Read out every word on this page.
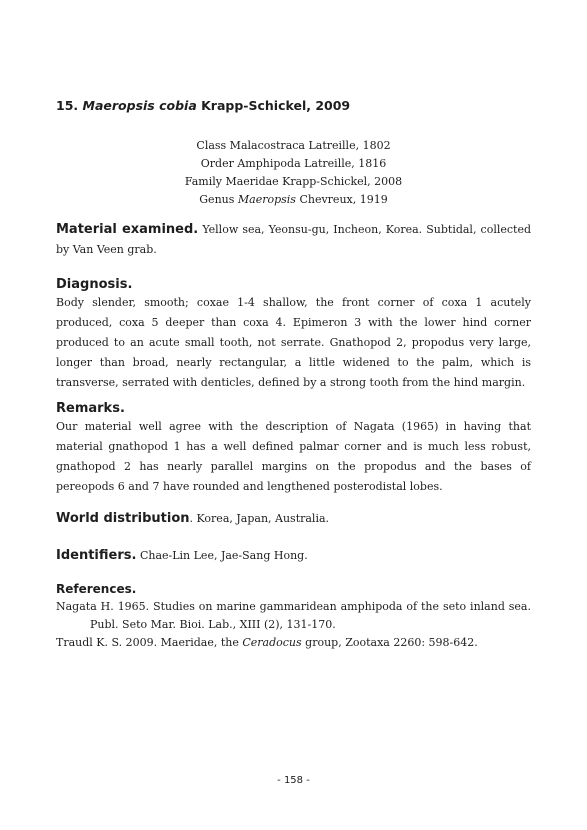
15. Maeropsis cobia Krapp-Schickel, 2009
Class Malacostraca Latreille, 1802
Order Amphipoda Latreille, 1816
Family Maeridae Krapp-Schickel, 2008
Genus Maeropsis Chevreux, 1919

Material examined. Yellow sea, Yeonsu-gu, Incheon, Korea. Subtidal, collected by Van Veen grab.

Diagnosis.

Body slender, smooth; coxae 1-4 shallow, the front corner of coxa 1 acutely produced, coxa 5 deeper than coxa 4. Epimeron 3 with the lower hind corner produced to an acute small tooth, not serrate. Gnathopod 2, propodus very large, longer than broad, nearly rectangular, a little widened to the palm, which is transverse, serrated with denticles, defined by a strong tooth from the hind margin.

Remarks.

Our material well agree with the description of Nagata (1965) in having that material gnathopod 1 has a well defined palmar corner and is much less robust, gnathopod 2 has nearly parallel margins on the propodus and the bases of pereopods 6 and 7 have rounded and lengthened posterodistal lobes.

World distribution. Korea, Japan, Australia.
Identifiers. Chae-Lin Lee, Jae-Sang Hong.
References.
Nagata H. 1965. Studies on marine gammaridean amphipoda of the seto inland sea. Publ. Seto Mar. Bioi. Lab., XIII (2), 131-170.
Traudl K. S. 2009. Maeridae, the Ceradocus group, Zootaxa 2260: 598-642.
- 158 -
